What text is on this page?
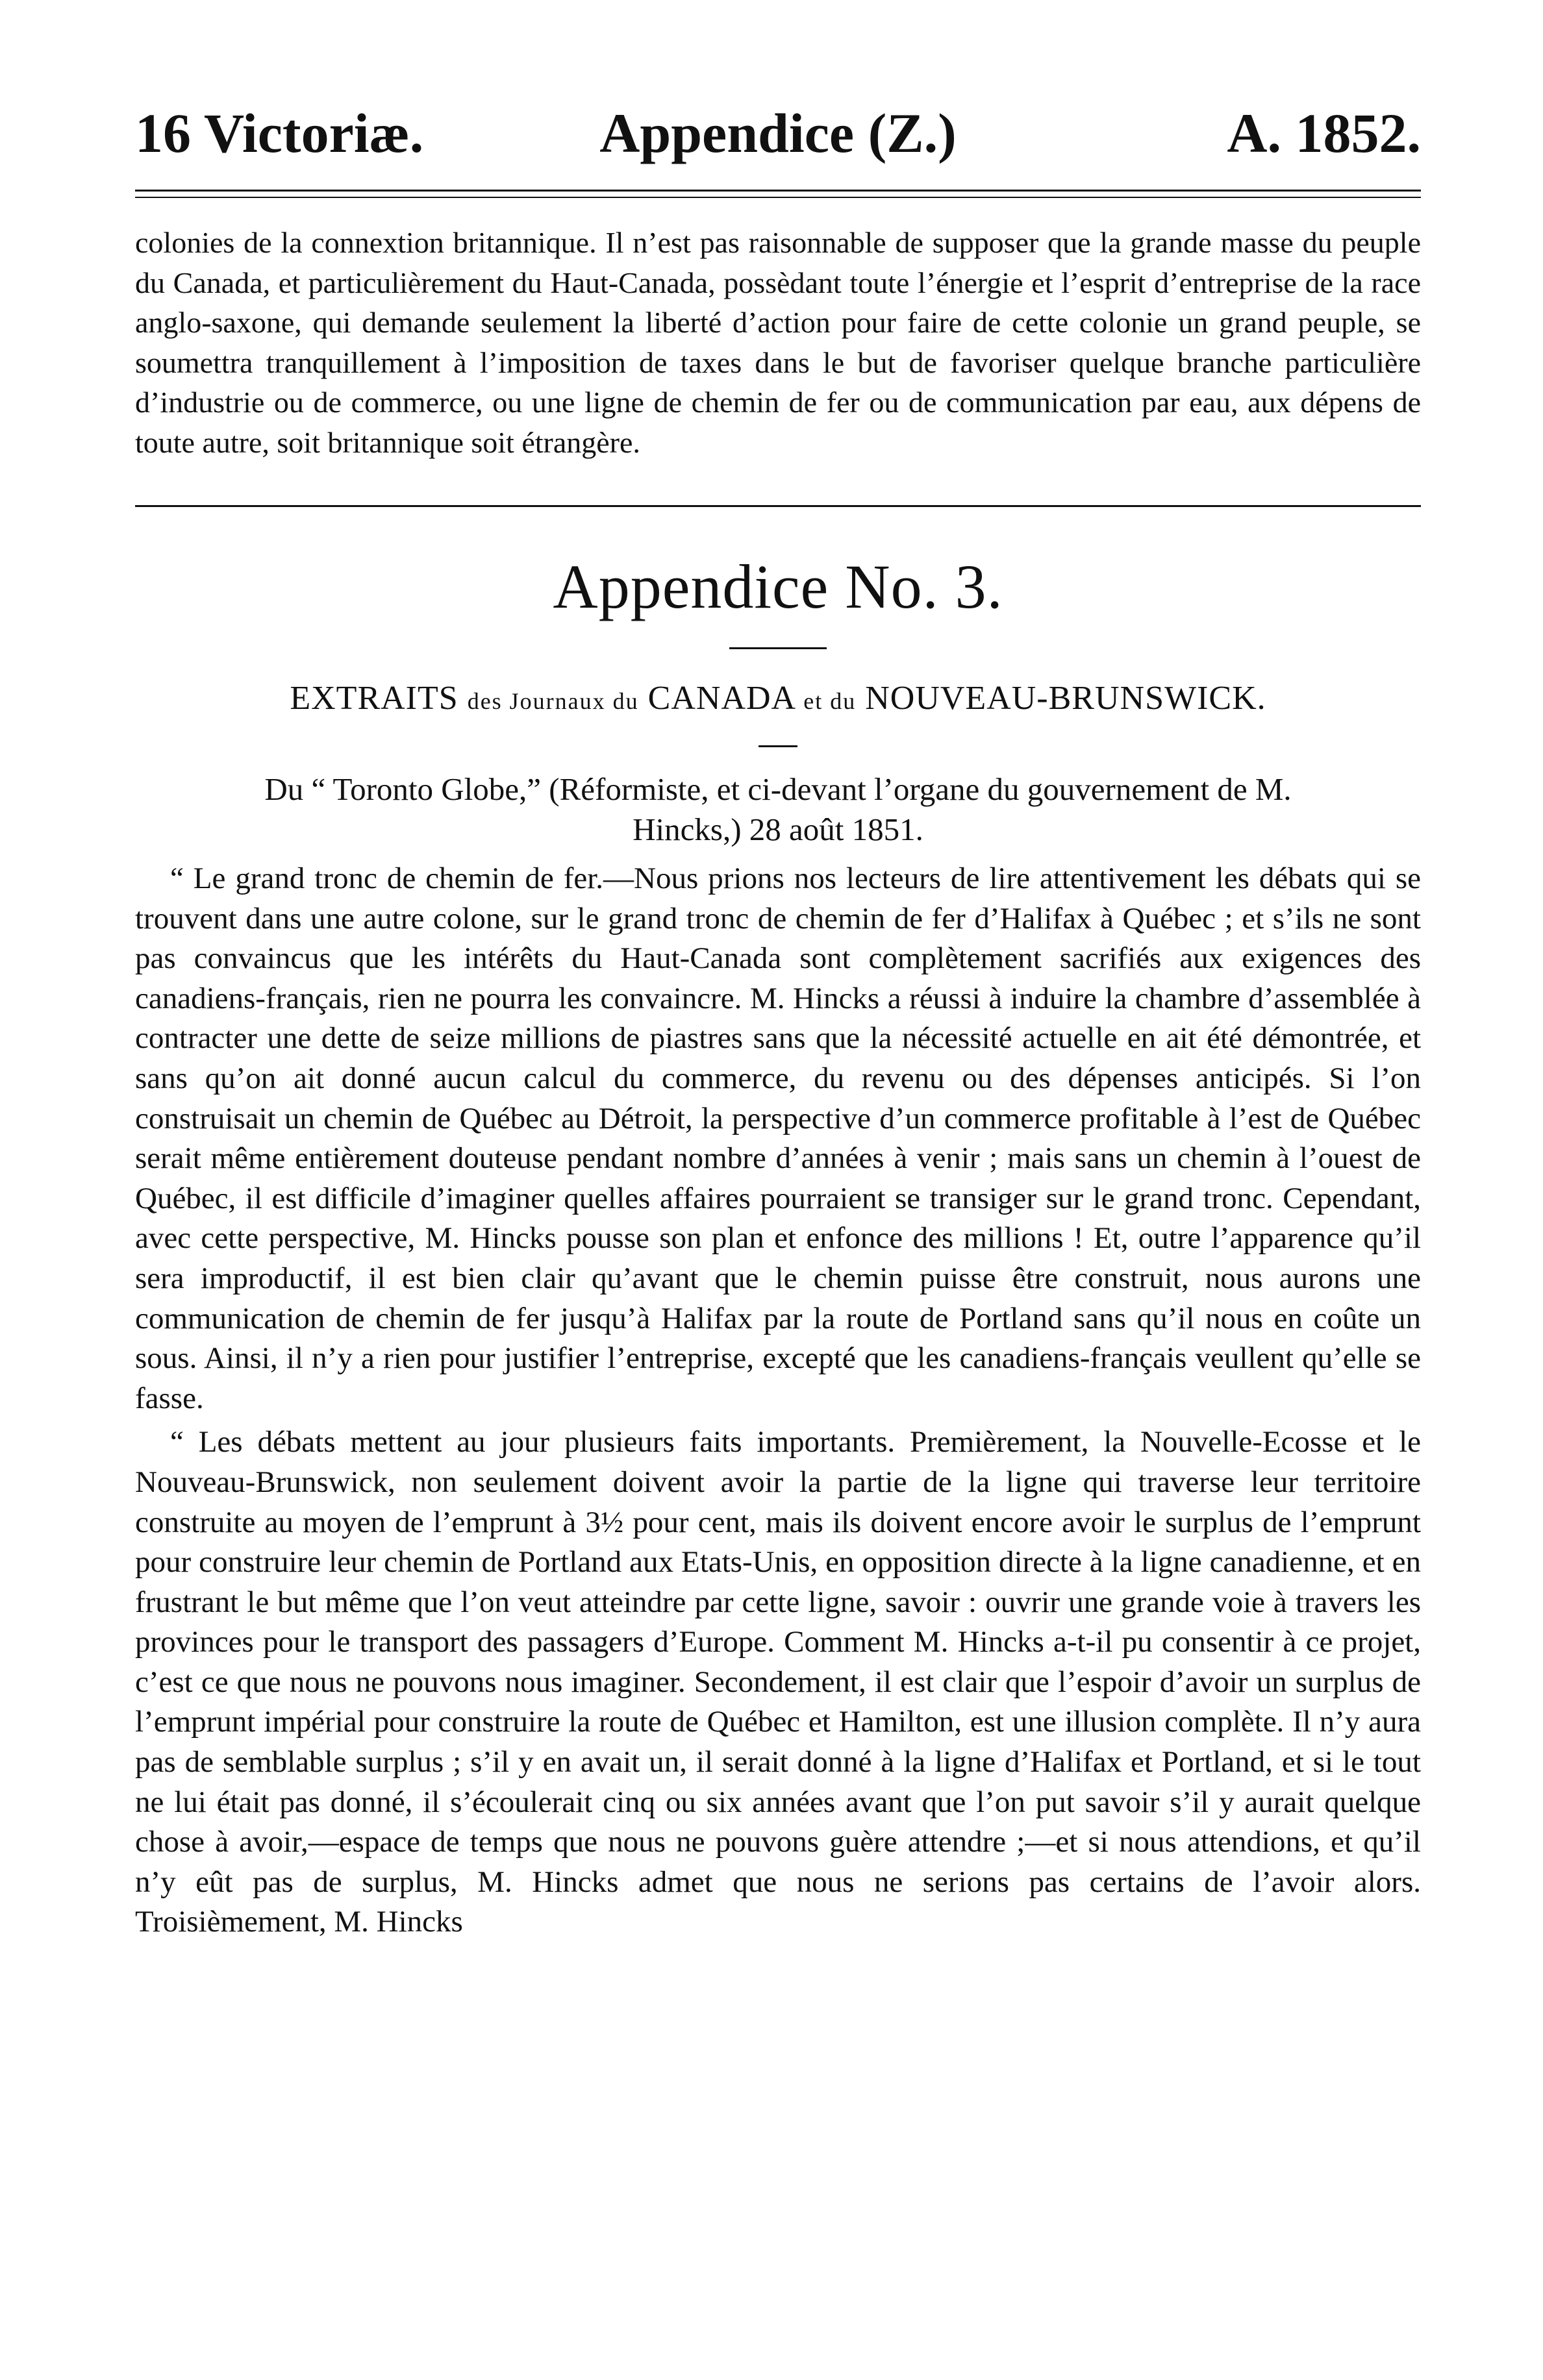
16 Victoriæ.	Appendice (Z.)	A. 1852.

colonies de la connextion britannique. Il n’est pas raisonnable de supposer que la grande masse du peuple du Canada, et particulièrement du Haut-Canada, possèdant toute l’énergie et l’esprit d’entreprise de la race anglo-saxone, qui demande seulement la liberté d’action pour faire de cette colonie un grand peuple, se soumettra tranquillement à l’imposition de taxes dans le but de favoriser quelque branche particulière d’industrie ou de commerce, ou une ligne de chemin de fer ou de communication par eau, aux dépens de toute autre, soit britannique soit étrangère.

Appendice No. 3.
EXTRAITS des Journaux du CANADA et du NOUVEAU-BRUNSWICK.
Du “ Toronto Globe,” (Réformiste, et ci-devant l’organe du gouvernement de M.
Hincks,) 28 août 1851.

“ Le grand tronc de chemin de fer.—Nous prions nos lecteurs de lire attentivement les débats qui se trouvent dans une autre colone, sur le grand tronc de chemin de fer d’Halifax à Québec ; et s’ils ne sont pas convaincus que les intérêts du Haut-Canada sont complètement sacrifiés aux exigences des canadiens-français, rien ne pourra les convaincre. M. Hincks a réussi à induire la chambre d’assemblée à contracter une dette de seize millions de piastres sans que la nécessité actuelle en ait été démontrée, et sans qu’on ait donné aucun calcul du commerce, du revenu ou des dépenses anticipés. Si l’on construisait un chemin de Québec au Détroit, la perspective d’un commerce profitable à l’est de Québec serait même entièrement douteuse pendant nombre d’années à venir ; mais sans un chemin à l’ouest de Québec, il est difficile d’imaginer quelles affaires pourraient se transiger sur le grand tronc. Cependant, avec cette perspective, M. Hincks pousse son plan et enfonce des millions ! Et, outre l’apparence qu’il sera improductif, il est bien clair qu’avant que le chemin puisse être construit, nous aurons une communication de chemin de fer jusqu’à Halifax par la route de Portland sans qu’il nous en coûte un sous. Ainsi, il n’y a rien pour justifier l’entreprise, excepté que les canadiens-français veullent qu’elle se fasse.

“ Les débats mettent au jour plusieurs faits importants. Premièrement, la Nouvelle-Ecosse et le Nouveau-Brunswick, non seulement doivent avoir la partie de la ligne qui traverse leur territoire construite au moyen de l’emprunt à 3½ pour cent, mais ils doivent encore avoir le surplus de l’emprunt pour construire leur chemin de Portland aux Etats-Unis, en opposition directe à la ligne canadienne, et en frustrant le but même que l’on veut atteindre par cette ligne, savoir : ouvrir une grande voie à travers les provinces pour le transport des passagers d’Europe. Comment M. Hincks a-t-il pu consentir à ce projet, c’est ce que nous ne pouvons nous imaginer. Secondement, il est clair que l’espoir d’avoir un surplus de l’emprunt impérial pour construire la route de Québec et Hamilton, est une illusion complète. Il n’y aura pas de semblable surplus ; s’il y en avait un, il serait donné à la ligne d’Halifax et Portland, et si le tout ne lui était pas donné, il s’écoulerait cinq ou six années avant que l’on put savoir s’il y aurait quelque chose à avoir,—espace de temps que nous ne pouvons guère attendre ;—et si nous attendions, et qu’il n’y eût pas de surplus, M. Hincks admet que nous ne serions pas certains de l’avoir alors. Troisièmement, M. Hincks
